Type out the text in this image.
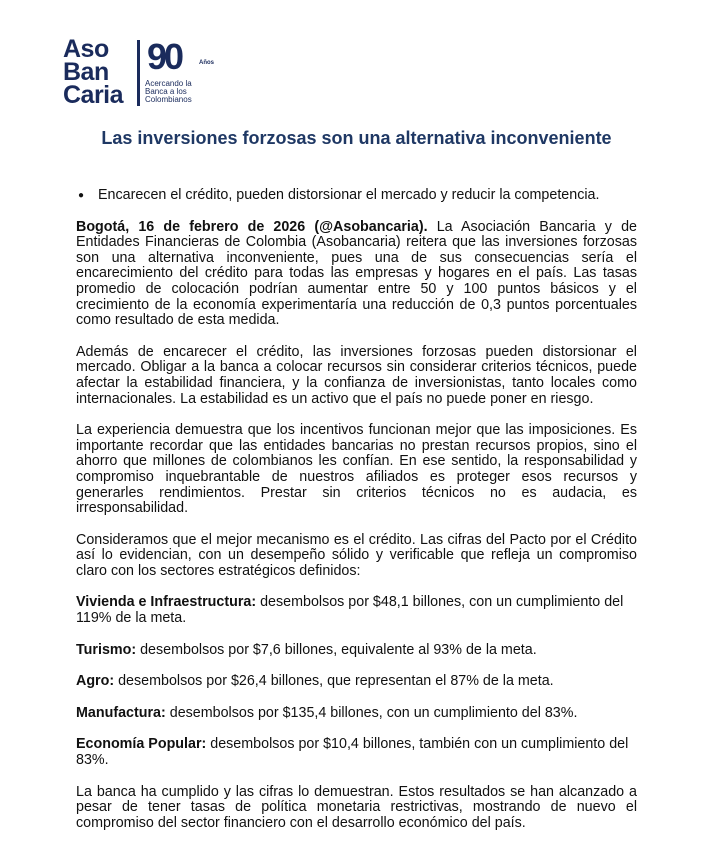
Aso
Ban
Caria
90	Años
Acercando la
Banca a los
Colombianos
Las inversiones forzosas son una alternativa inconveniente
● Encarecen el crédito, pueden distorsionar el mercado y reducir la competencia.

Bogotá, 16 de febrero de 2026 (@Asobancaria). La Asociación Bancaria y de Entidades Financieras de Colombia (Asobancaria) reitera que las inversiones forzosas son una alternativa inconveniente, pues una de sus consecuencias sería el encarecimiento del crédito para todas las empresas y hogares en el país. Las tasas promedio de colocación podrían aumentar entre 50 y 100 puntos básicos y el crecimiento de la economía experimentaría una reducción de 0,3 puntos porcentuales como resultado de esta medida.

Además de encarecer el crédito, las inversiones forzosas pueden distorsionar el mercado. Obligar a la banca a colocar recursos sin considerar criterios técnicos, puede afectar la estabilidad financiera, y la confianza de inversionistas, tanto locales como internacionales. La estabilidad es un activo que el país no puede poner en riesgo.

La experiencia demuestra que los incentivos funcionan mejor que las imposiciones. Es importante recordar que las entidades bancarias no prestan recursos propios, sino el ahorro que millones de colombianos les confían. En ese sentido, la responsabilidad y compromiso inquebrantable de nuestros afiliados es proteger esos recursos y generarles rendimientos. Prestar sin criterios técnicos no es audacia, es irresponsabilidad.

Consideramos que el mejor mecanismo es el crédito. Las cifras del Pacto por el Crédito así lo evidencian, con un desempeño sólido y verificable que refleja un compromiso claro con los sectores estratégicos definidos:

Vivienda e Infraestructura: desembolsos por $48,1 billones, con un cumplimiento del 119% de la meta.

Turismo: desembolsos por $7,6 billones, equivalente al 93% de la meta.

Agro: desembolsos por $26,4 billones, que representan el 87% de la meta.

Manufactura: desembolsos por $135,4 billones, con un cumplimiento del 83%.

Economía Popular: desembolsos por $10,4 billones, también con un cumplimiento del 83%.

La banca ha cumplido y las cifras lo demuestran. Estos resultados se han alcanzado a pesar de tener tasas de política monetaria restrictivas, mostrando de nuevo el compromiso del sector financiero con el desarrollo económico del país.
